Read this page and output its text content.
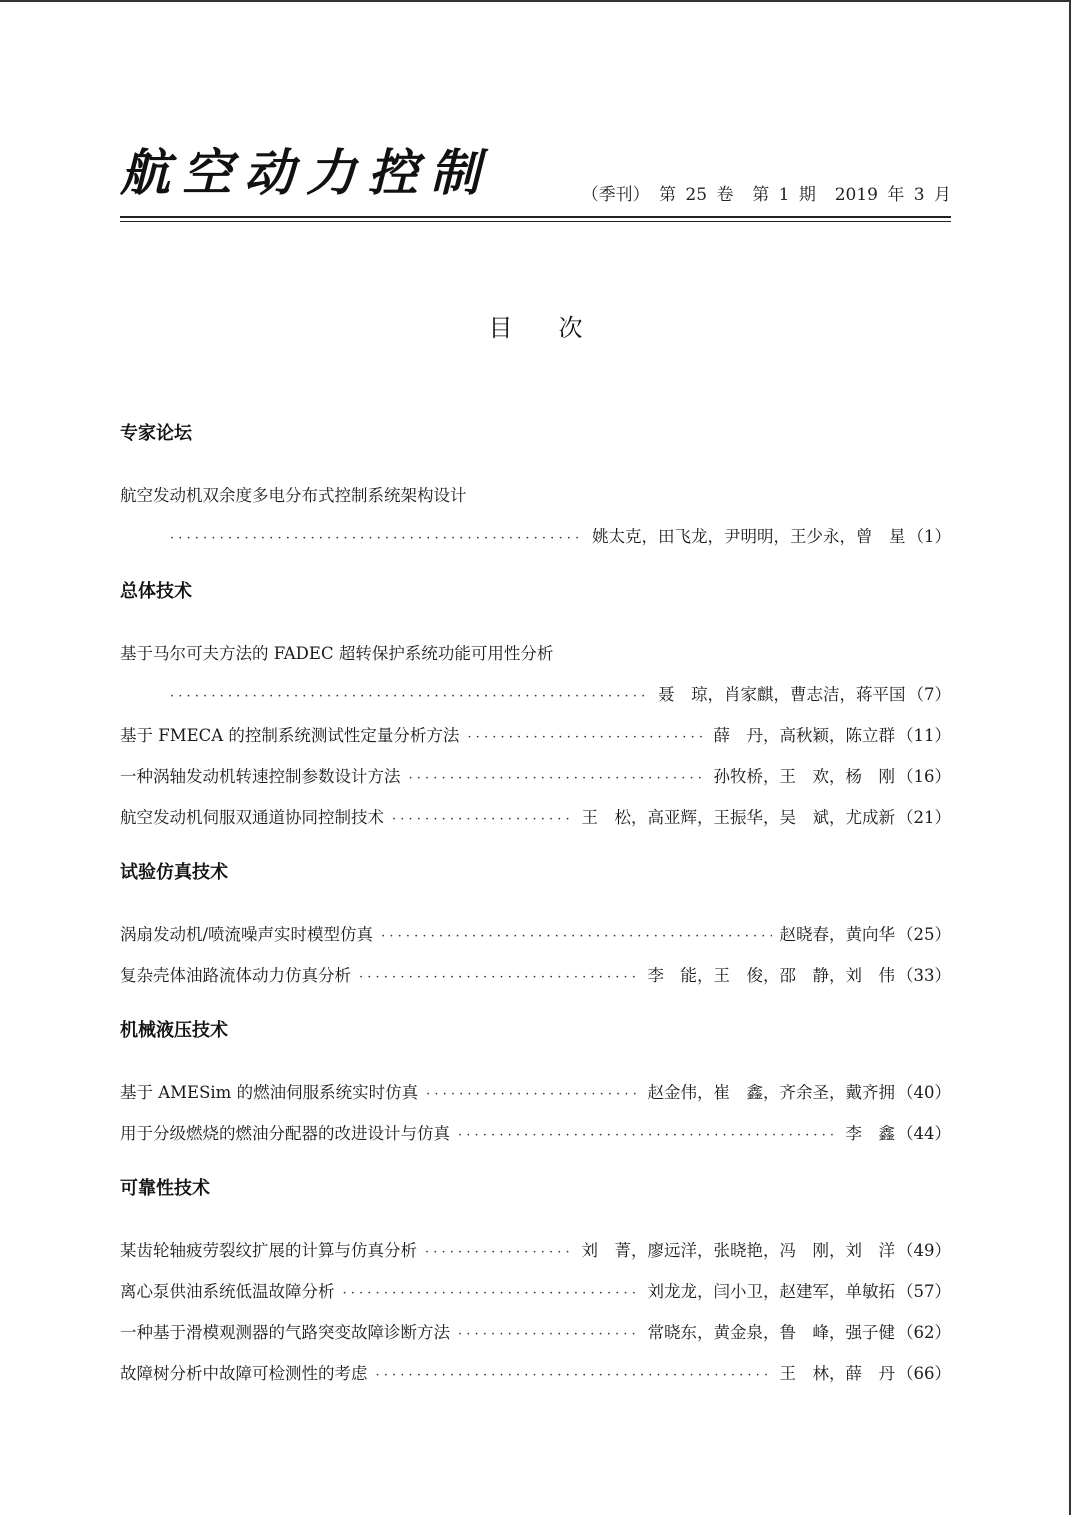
航空动力控制	（季刊） 第 25 卷  第 1 期  2019 年 3 月
目次
专家论坛
航空发动机双余度多电分布式控制系统架构设计
· · ·
姚太克，田飞龙，尹明明，王少永，曾　星 （1）
总体技术
基于马尔可夫方法的 FADEC 超转保护系统功能可用性分析
· · ·
聂　琼，肖家麒，曹志洁，蒋平国 （7）
基于 FMECA 的控制系统测试性定量分析方法 · · ·	薛　丹，高秋颖，陈立群 （11）
一种涡轴发动机转速控制参数设计方法 · · ·	孙牧桥，王　欢，杨　刚 （16）
航空发动机伺服双通道协同控制技术 · · ·	王　松，高亚辉，王振华，吴　斌，尤成新 （21）
试验仿真技术
涡扇发动机/喷流噪声实时模型仿真 · · ·	赵晓春，黄向华 （25）
复杂壳体油路流体动力仿真分析 · · ·	李　能，王　俊，邵　静，刘　伟 （33）
机械液压技术
基于 AMESim 的燃油伺服系统实时仿真 · · ·	赵金伟，崔　鑫，齐余圣，戴齐拥 （40）
用于分级燃烧的燃油分配器的改进设计与仿真 · · ·	李　鑫 （44）
可靠性技术
某齿轮轴疲劳裂纹扩展的计算与仿真分析 · · ·	刘　菁，廖远洋，张晓艳，冯　刚，刘　洋 （49）
离心泵供油系统低温故障分析 · · ·	刘龙龙，闫小卫，赵建军，单敏拓 （57）
一种基于滑模观测器的气路突变故障诊断方法 · · ·	常晓东，黄金泉，鲁　峰，强子健 （62）
故障树分析中故障可检测性的考虑 · · ·	王　林，薛　丹 （66）
